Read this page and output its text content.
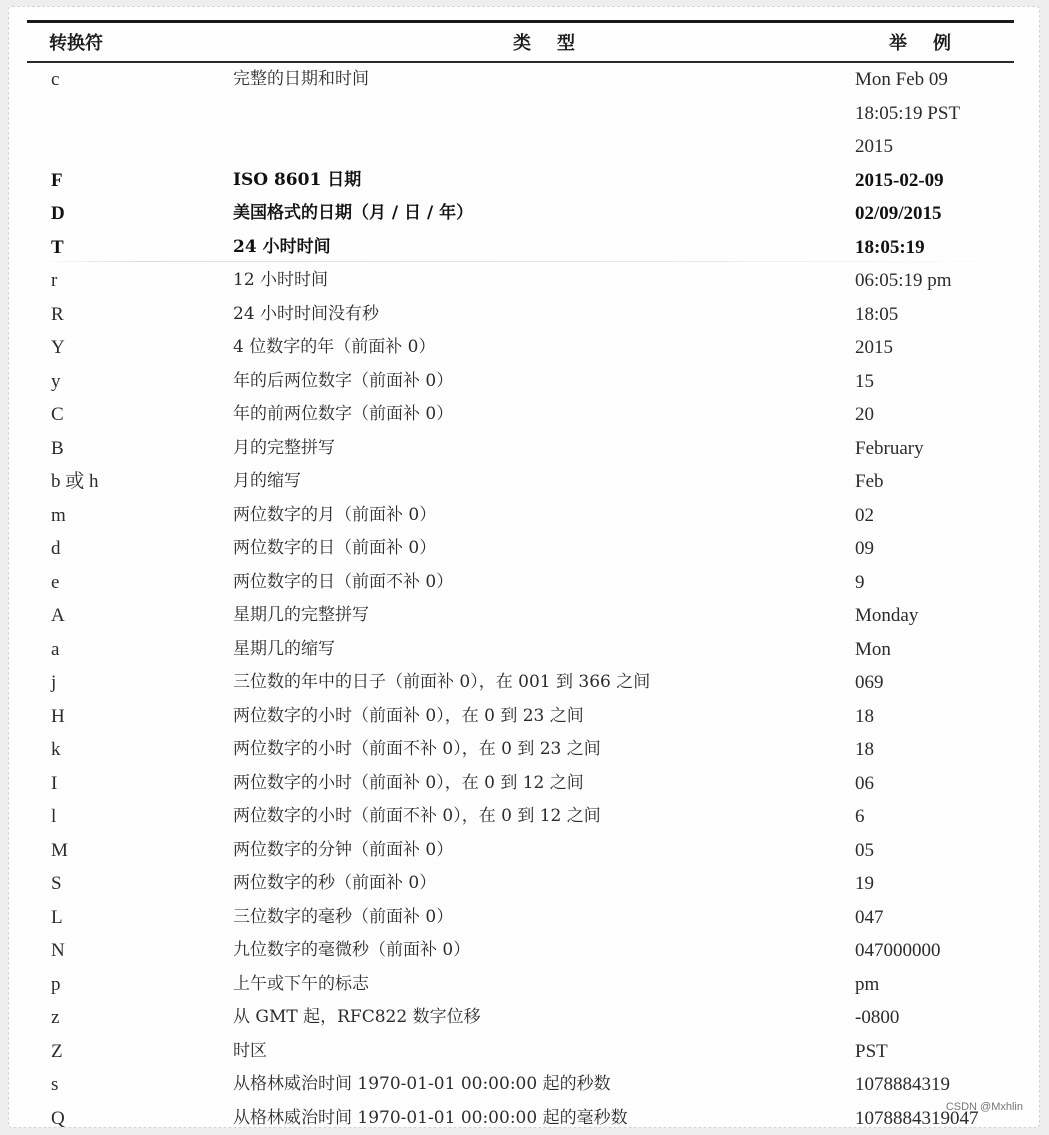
转换符	类型	举例
c	完整的日期和时间	Mon Feb 09
18:05:19 PST
2015
F	ISO 8601 日期	2015-02-09
D	美国格式的日期（月 / 日 / 年）	02/09/2015
T	24 小时时间	18:05:19
r	12 小时时间	06:05:19 pm
R	24 小时时间没有秒	18:05
Y	4 位数字的年（前面补 0）	2015
y	年的后两位数字（前面补 0）	15
C	年的前两位数字（前面补 0）	20
B	月的完整拼写	February
b 或 h	月的缩写	Feb
m	两位数字的月（前面补 0）	02
d	两位数字的日（前面补 0）	09
e	两位数字的日（前面不补 0）	9
A	星期几的完整拼写	Monday
a	星期几的缩写	Mon
j	三位数的年中的日子（前面补 0），在 001 到 366 之间	069
H	两位数字的小时（前面补 0），在 0 到 23 之间	18
k	两位数字的小时（前面不补 0），在 0 到 23 之间	18
I	两位数字的小时（前面补 0），在 0 到 12 之间	06
l	两位数字的小时（前面不补 0），在 0 到 12 之间	6
M	两位数字的分钟（前面补 0）	05
S	两位数字的秒（前面补 0）	19
L	三位数字的毫秒（前面补 0）	047
N	九位数字的毫微秒（前面补 0）	047000000
p	上午或下午的标志	pm
z	从 GMT 起，RFC822 数字位移	-0800
Z	时区	PST
s	从格林威治时间 1970-01-01 00:00:00 起的秒数	1078884319
Q	从格林威治时间 1970-01-01 00:00:00 起的毫秒数	1078884319047
CSDN @Mxhlin
